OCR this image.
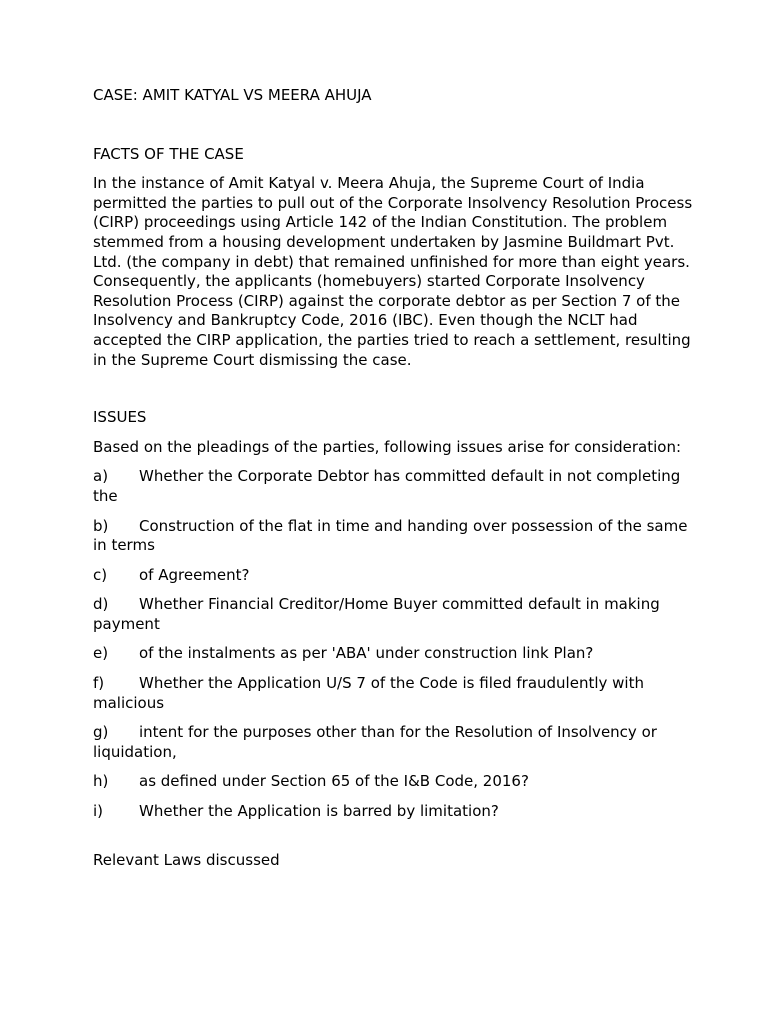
CASE: AMIT KATYAL VS MEERA AHUJA

FACTS OF THE CASE

In the instance of Amit Katyal v. Meera Ahuja, the Supreme Court of India permitted the parties to pull out of the Corporate Insolvency Resolution Process (CIRP) proceedings using Article 142 of the Indian Constitution. The problem stemmed from a housing development undertaken by Jasmine Buildmart Pvt. Ltd. (the company in debt) that remained unfinished for more than eight years. Consequently, the applicants (homebuyers) started Corporate Insolvency Resolution Process (CIRP) against the corporate debtor as per Section 7 of the Insolvency and Bankruptcy Code, 2016 (IBC). Even though the NCLT had accepted the CIRP application, the parties tried to reach a settlement, resulting in the Supreme Court dismissing the case.

ISSUES

Based on the pleadings of the parties, following issues arise for consideration:

a) Whether the Corporate Debtor has committed default in not completing the
b) Construction of the flat in time and handing over possession of the same in terms
c) of Agreement?
d) Whether Financial Creditor/Home Buyer committed default in making payment
e) of the instalments as per 'ABA' under construction link Plan?
f) Whether the Application U/S 7 of the Code is filed fraudulently with malicious
g) intent for the purposes other than for the Resolution of Insolvency or liquidation,
h) as defined under Section 65 of the I&B Code, 2016?
i) Whether the Application is barred by limitation?

Relevant Laws discussed
